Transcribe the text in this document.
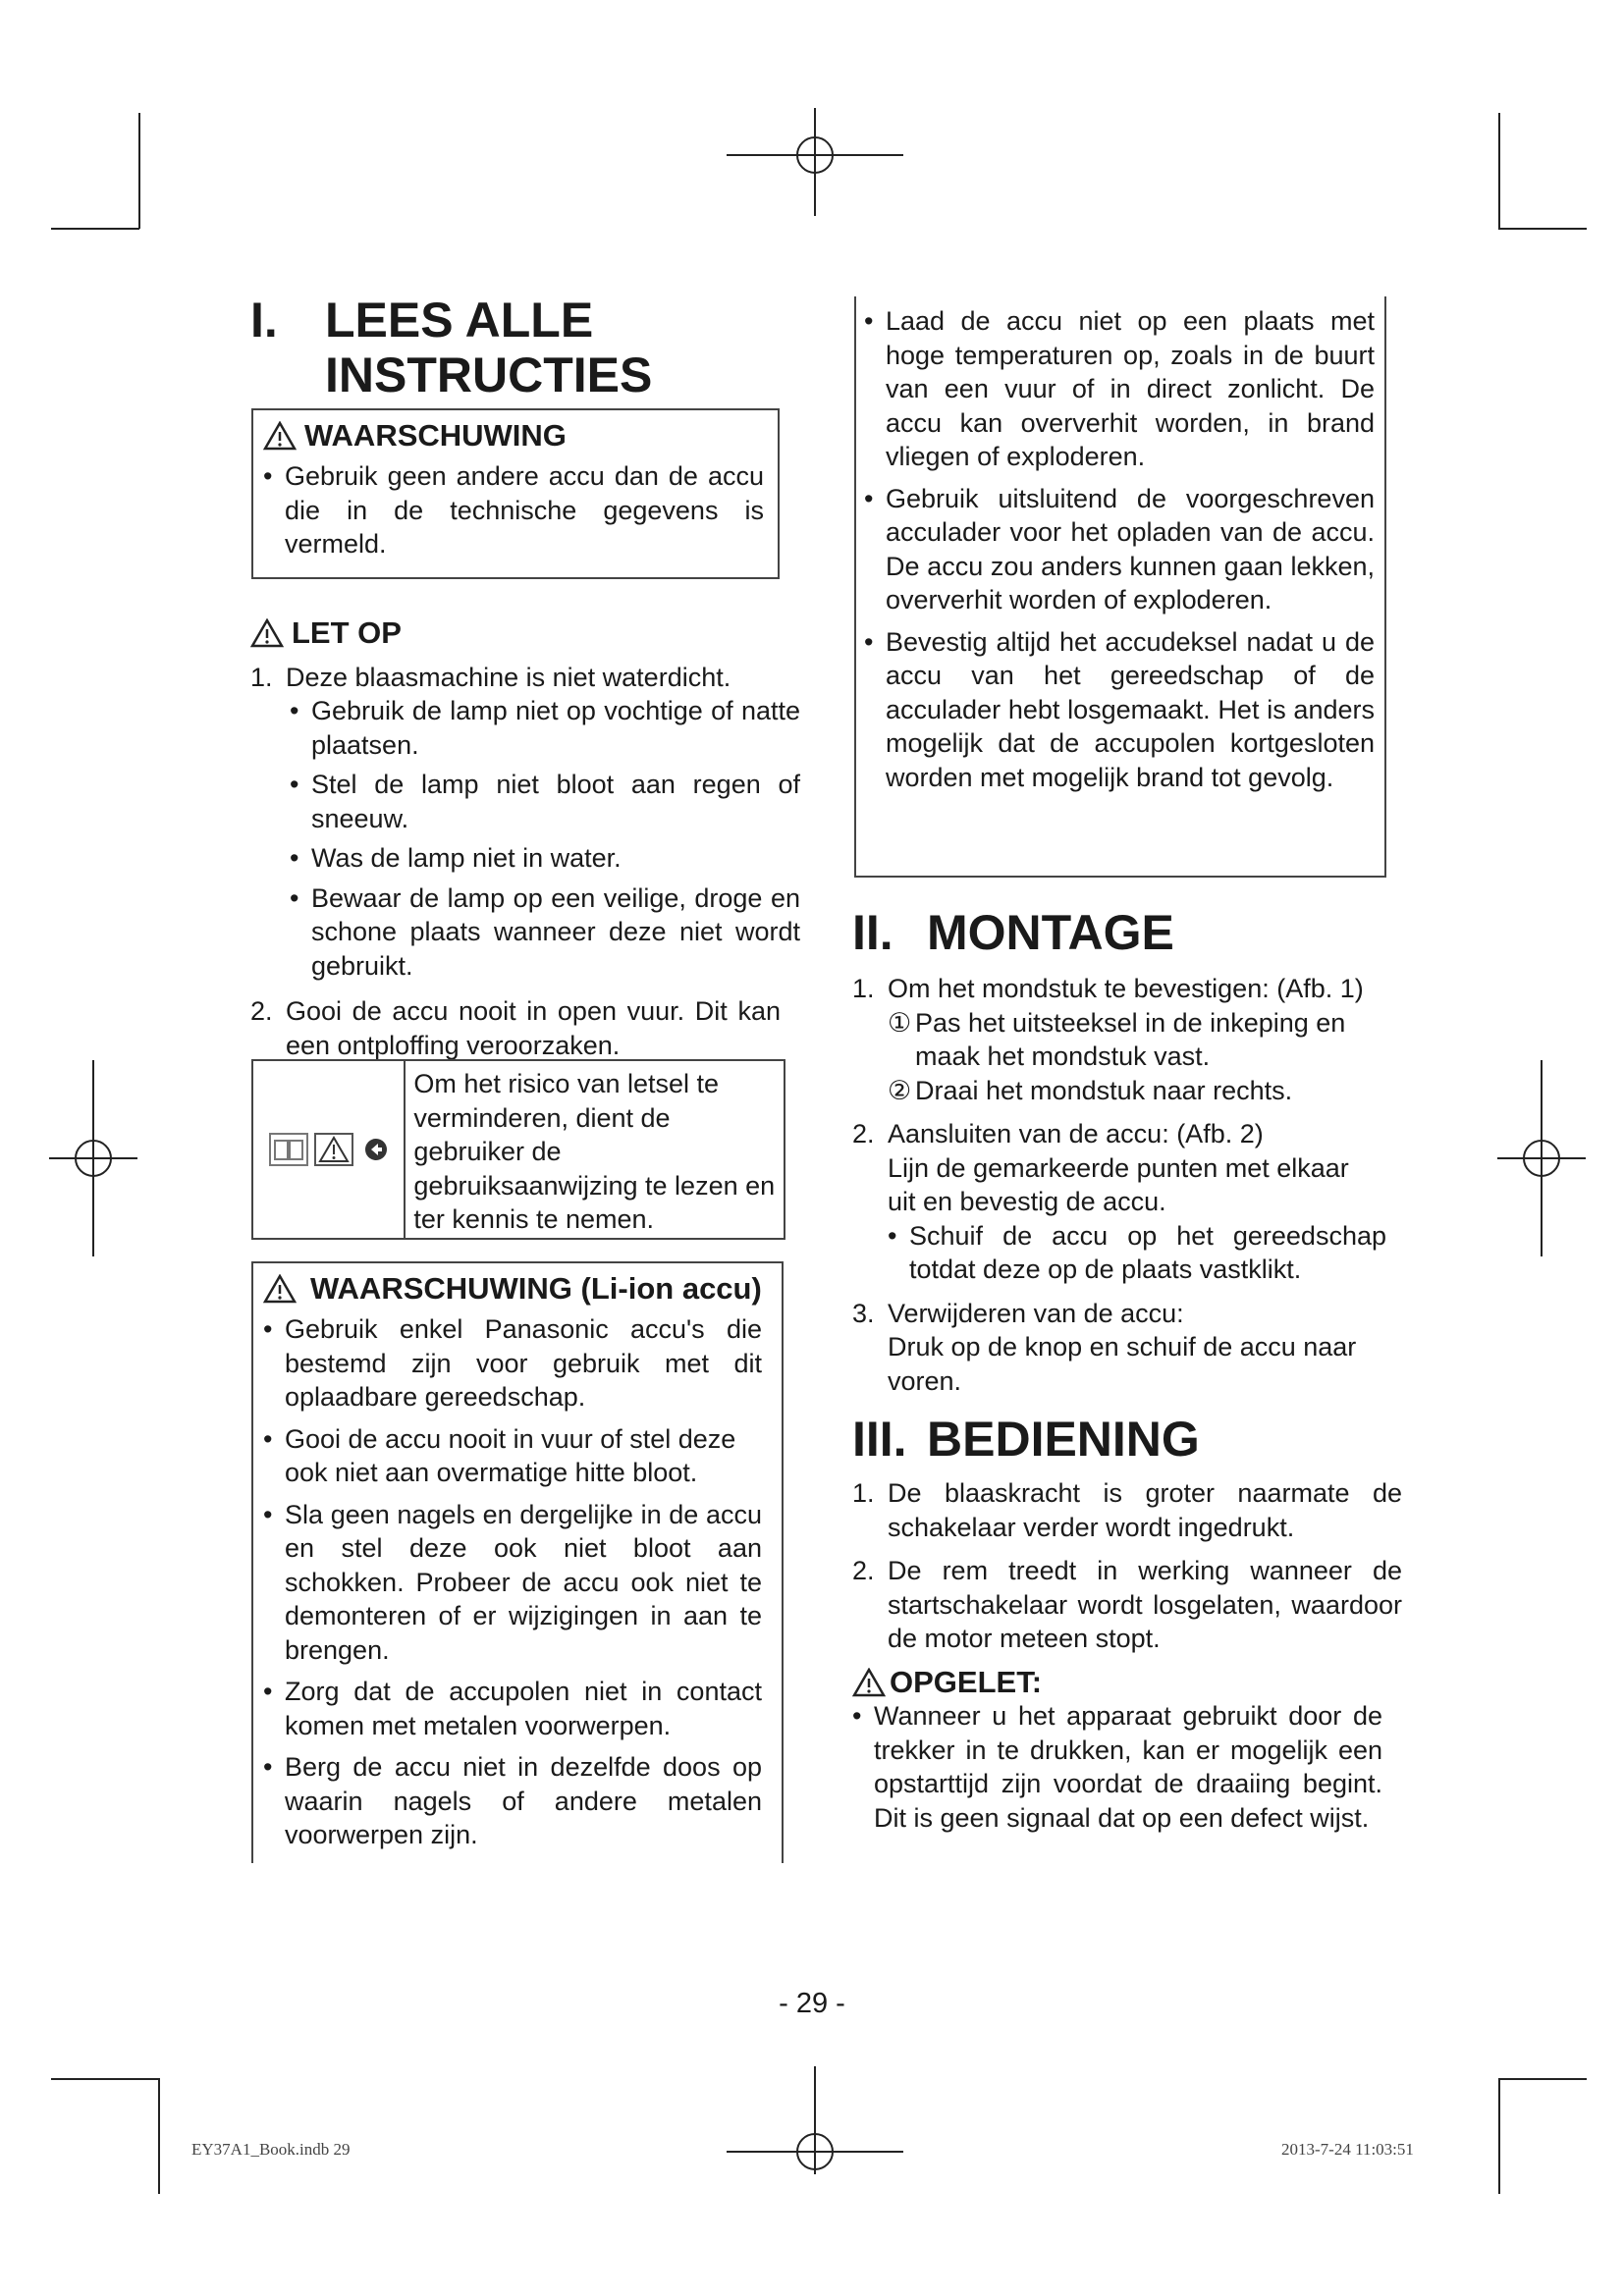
I. LEES ALLE
INSTRUCTIES
WAARSCHUWING
• Gebruik geen andere accu dan de accu die in de technische gegevens is vermeld.
LET OP
1. Deze blaasmachine is niet waterdicht.
• Gebruik de lamp niet op vochtige of natte plaatsen.
• Stel de lamp niet bloot aan regen of sneeuw.
• Was de lamp niet in water.
• Bewaar de lamp op een veilige, droge en schone plaats wanneer deze niet wordt gebruikt.
2. Gooi de accu nooit in open vuur. Dit kan een ontploffing veroorzaken.
Om het risico van letsel te verminderen, dient de gebruiker de gebruiksaanwijzing te lezen en ter kennis te nemen.
WAARSCHUWING (Li-ion accu)
• Gebruik enkel Panasonic accu's die bestemd zijn voor gebruik met dit oplaadbare gereedschap.
• Gooi de accu nooit in vuur of stel deze ook niet aan overmatige hitte bloot.
• Sla geen nagels en dergelijke in de accu en stel deze ook niet bloot aan schokken. Probeer de accu ook niet te demonteren of er wijzigingen in aan te brengen.
• Zorg dat de accupolen niet in contact komen met metalen voorwerpen.
• Berg de accu niet in dezelfde doos op waarin nagels of andere metalen voorwerpen zijn.
• Laad de accu niet op een plaats met hoge temperaturen op, zoals in de buurt van een vuur of in direct zonlicht. De accu kan oververhit worden, in brand vliegen of exploderen.
• Gebruik uitsluitend de voorgeschreven acculader voor het opladen van de accu. De accu zou anders kunnen gaan lekken, oververhit worden of exploderen.
• Bevestig altijd het accudeksel nadat u de accu van het gereedschap of de acculader hebt losgemaakt. Het is anders mogelijk dat de accupolen kortgesloten worden met mogelijk brand tot gevolg.
II. MONTAGE
1. Om het mondstuk te bevestigen: (Afb. 1)
① Pas het uitsteeksel in de inkeping en maak het mondstuk vast.
② Draai het mondstuk naar rechts.
2. Aansluiten van de accu: (Afb. 2)
Lijn de gemarkeerde punten met elkaar uit en bevestig de accu.
• Schuif de accu op het gereedschap totdat deze op de plaats vastklikt.
3. Verwijderen van de accu:
Druk op de knop en schuif de accu naar voren.
III. BEDIENING
1. De blaaskracht is groter naarmate de schakelaar verder wordt ingedrukt.
2. De rem treedt in werking wanneer de startschakelaar wordt losgelaten, waardoor de motor meteen stopt.
OPGELET:
• Wanneer u het apparaat gebruikt door de trekker in te drukken, kan er mogelijk een opstarttijd zijn voordat de draaiing begint. Dit is geen signaal dat op een defect wijst.
- 29 -
EY37A1_Book.indb 29	2013-7-24 11:03:51
